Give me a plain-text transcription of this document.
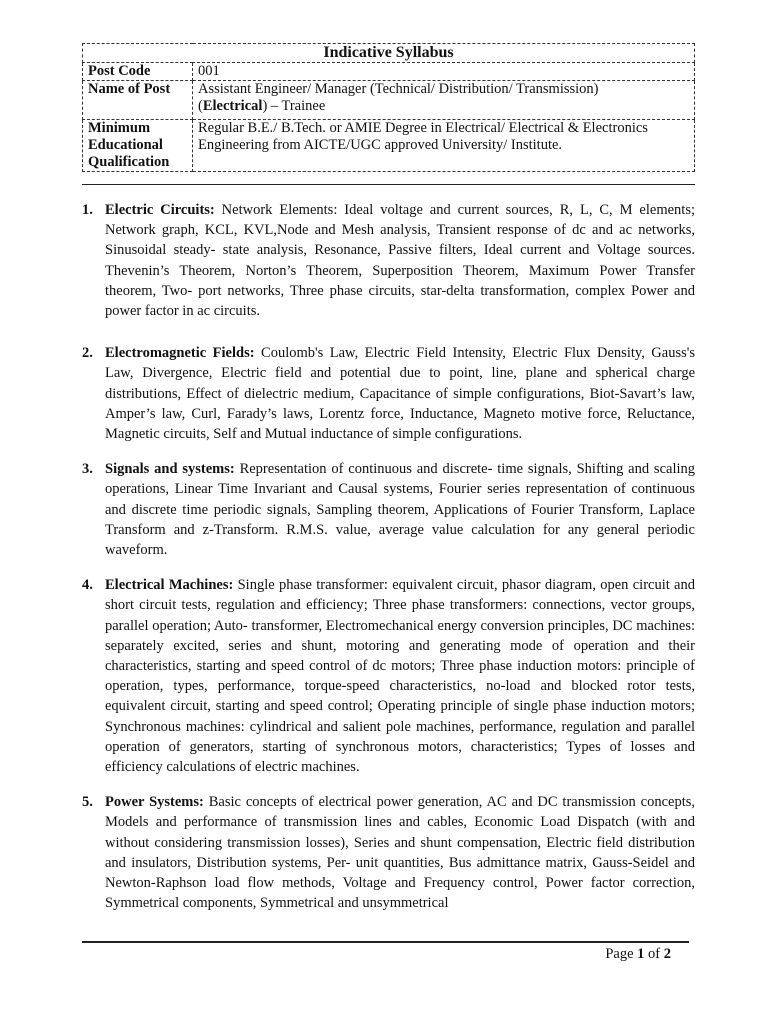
Indicative Syllabus	
Post Code	001
Name of Post	Assistant Engineer/ Manager (Technical/ Distribution/ Transmission)
(Electrical) – Trainee

Minimum
Educational
Qualification	Regular B.E./ B.Tech. or AMIE Degree in Electrical/ Electrical & Electronics Engineering from AICTE/UGC approved University/ Institute.
1. Electric Circuits: Network Elements: Ideal voltage and current sources, R, L, C, M elements; Network graph, KCL, KVL,Node and Mesh analysis, Transient response of dc and ac networks, Sinusoidal steady- state analysis, Resonance, Passive filters, Ideal current and Voltage sources. Thevenin’s Theorem, Norton’s Theorem, Superposition Theorem, Maximum Power Transfer theorem, Two- port networks, Three phase circuits, star-delta transformation, complex Power and power factor in ac circuits.
2. Electromagnetic Fields: Coulomb's Law, Electric Field Intensity, Electric Flux Density, Gauss's Law, Divergence, Electric field and potential due to point, line, plane and spherical charge distributions, Effect of dielectric medium, Capacitance of simple configurations, Biot-Savart’s law, Amper’s law, Curl, Farady’s laws, Lorentz force, Inductance, Magneto motive force, Reluctance, Magnetic circuits, Self and Mutual inductance of simple configurations.
3. Signals and systems: Representation of continuous and discrete- time signals, Shifting and scaling operations, Linear Time Invariant and Causal systems, Fourier series representation of continuous and discrete time periodic signals, Sampling theorem, Applications of Fourier Transform, Laplace Transform and z-Transform. R.M.S. value, average value calculation for any general periodic waveform.
4. Electrical Machines: Single phase transformer: equivalent circuit, phasor diagram, open circuit and short circuit tests, regulation and efficiency; Three phase transformers: connections, vector groups, parallel operation; Auto- transformer, Electromechanical energy conversion principles, DC machines: separately excited, series and shunt, motoring and generating mode of operation and their characteristics, starting and speed control of dc motors; Three phase induction motors: principle of operation, types, performance, torque-speed characteristics, no-load and blocked rotor tests, equivalent circuit, starting and speed control; Operating principle of single phase induction motors; Synchronous machines: cylindrical and salient pole machines, performance, regulation and parallel operation of generators, starting of synchronous motors, characteristics; Types of losses and efficiency calculations of electric machines.
5. Power Systems: Basic concepts of electrical power generation, AC and DC transmission concepts, Models and performance of transmission lines and cables, Economic Load Dispatch (with and without considering transmission losses), Series and shunt compensation, Electric field distribution and insulators, Distribution systems, Per- unit quantities, Bus admittance matrix, Gauss-Seidel and Newton-Raphson load flow methods, Voltage and Frequency control, Power factor correction, Symmetrical components, Symmetrical and unsymmetrical
Page 1 of 2
